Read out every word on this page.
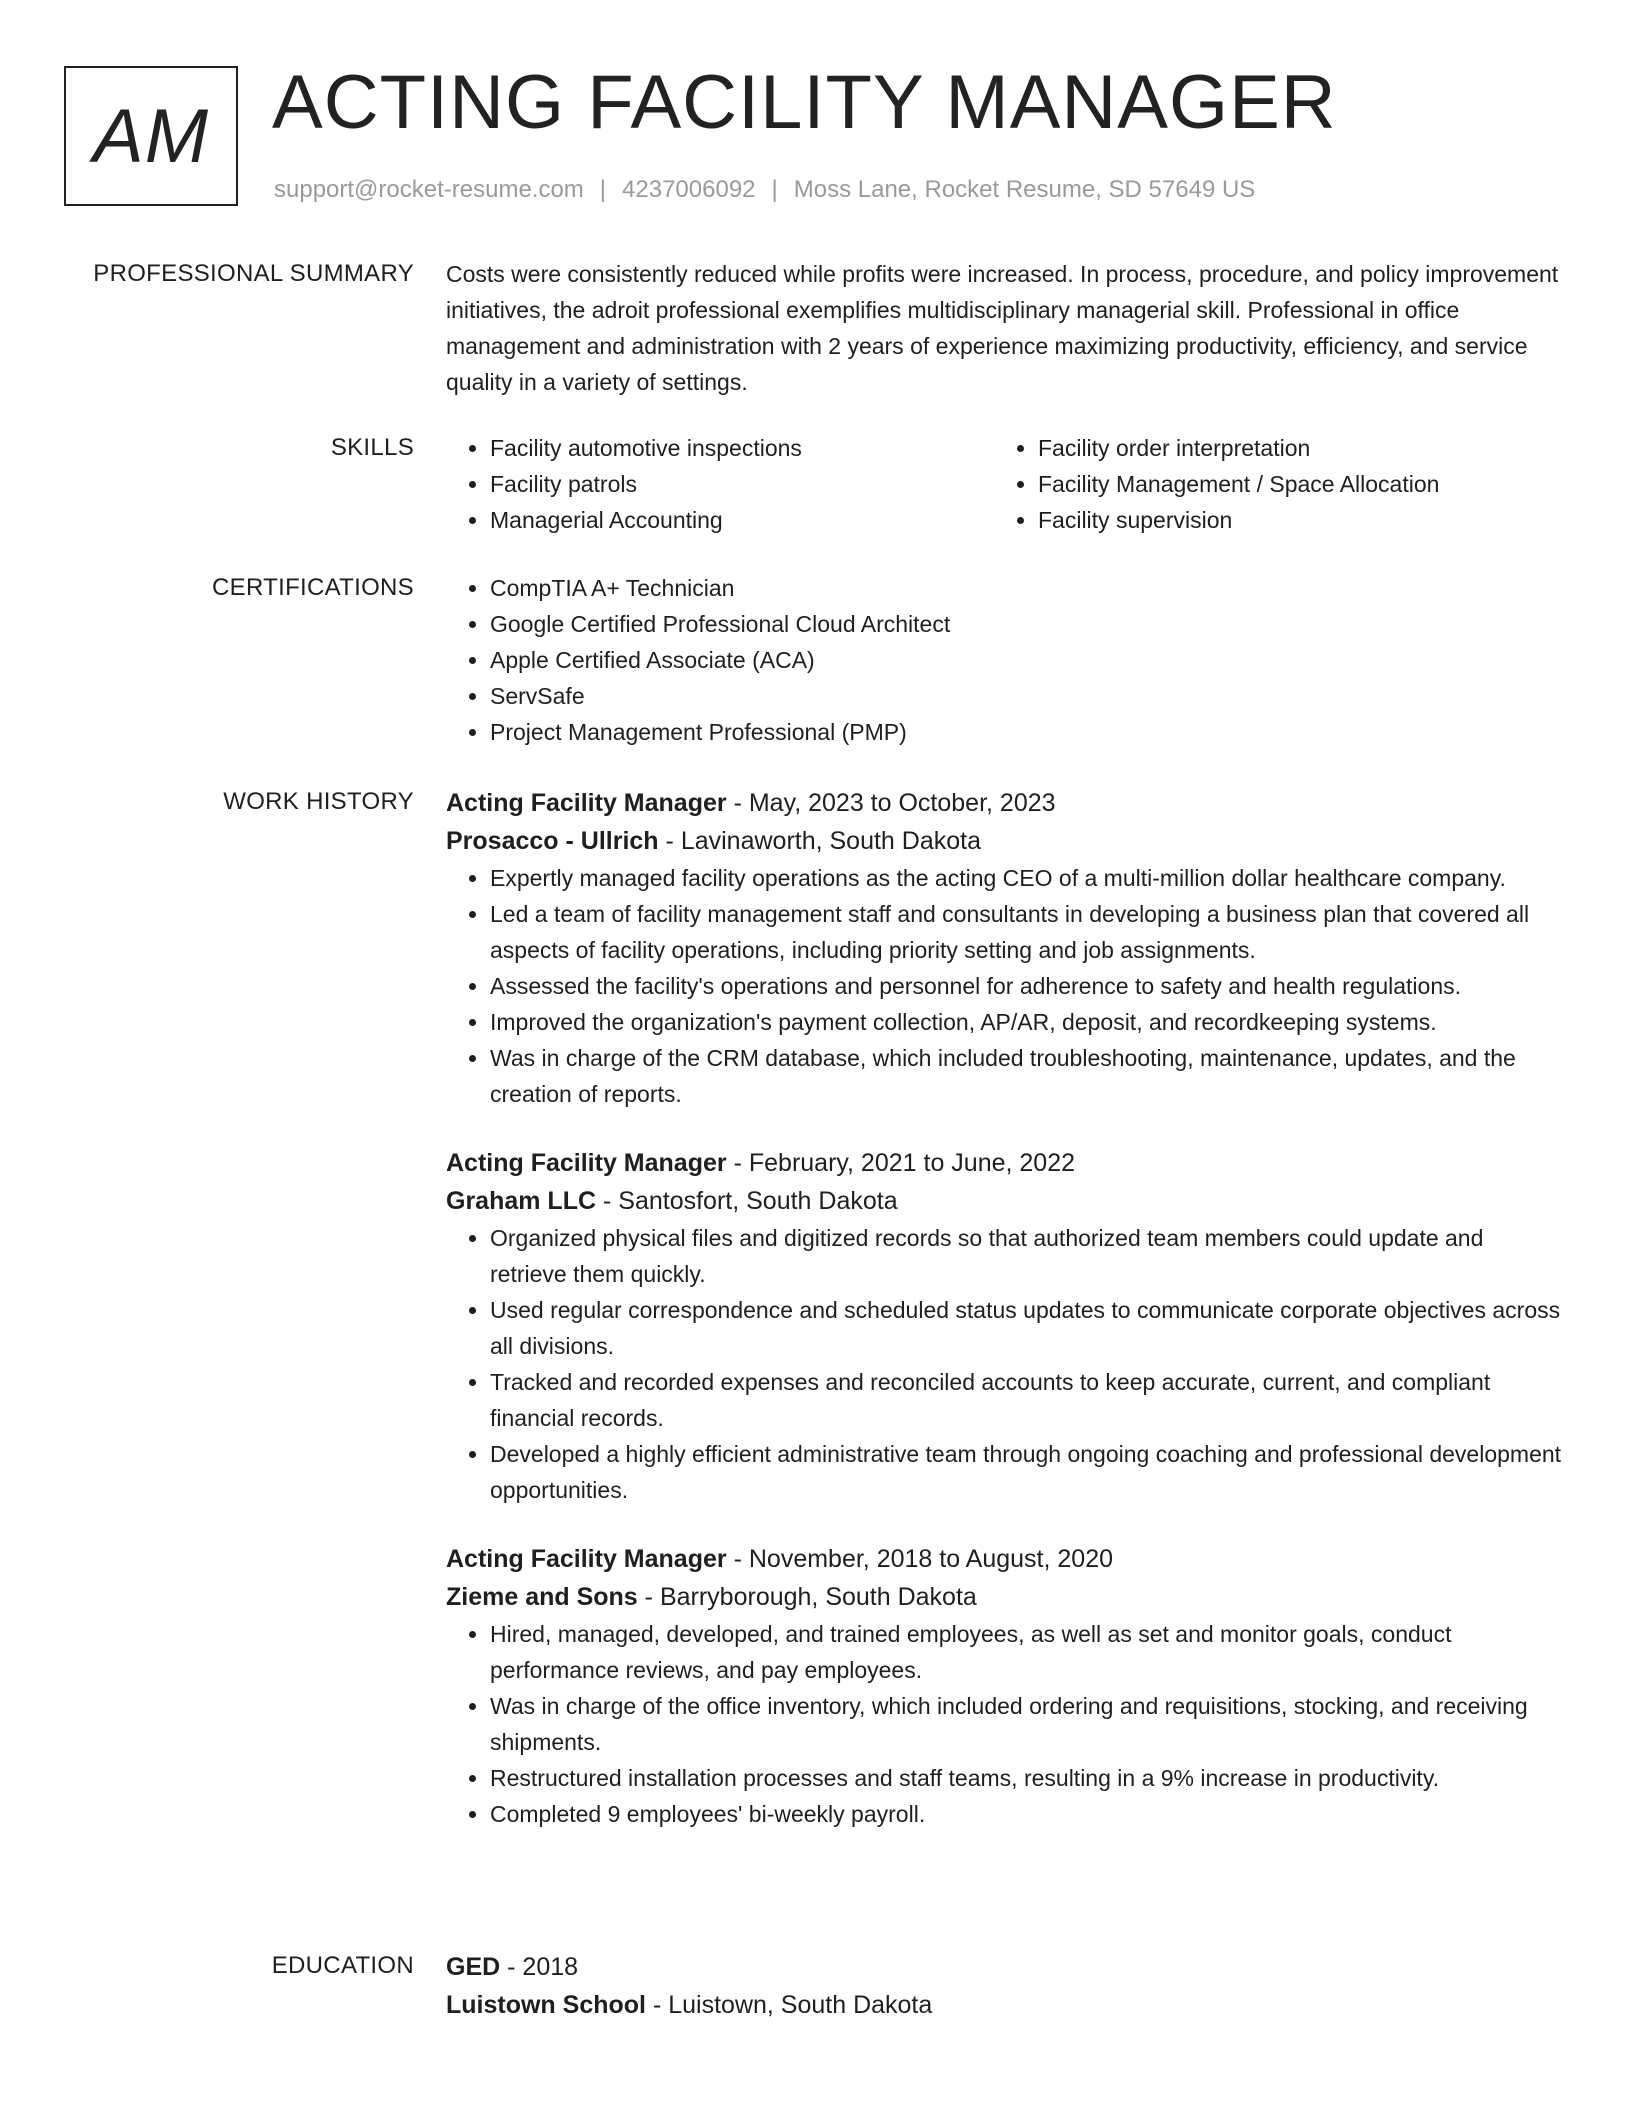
AM ACTING FACILITY MANAGER
support@rocket-resume.com | 4237006092 | Moss Lane, Rocket Resume, SD 57649 US
PROFESSIONAL SUMMARY Costs were consistently reduced while profits were increased. In process, procedure, and policy improvement initiatives, the adroit professional exemplifies multidisciplinary managerial skill. Professional in office management and administration with 2 years of experience maximizing productivity, efficiency, and service quality in a variety of settings.

SKILLS	• Facility automotive inspections
• Facility patrols
• Managerial Accounting
• Facility order interpretation
• Facility Management / Space Allocation
• Facility supervision
CERTIFICATIONS	• CompTIA A+ Technician
• Google Certified Professional Cloud Architect
• Apple Certified Associate (ACA)
• ServSafe
• Project Management Professional (PMP)
WORK HISTORY Acting Facility Manager - May, 2023 to October, 2023
Prosacco - Ullrich - Lavinaworth, South Dakota
• Expertly managed facility operations as the acting CEO of a multi-million dollar healthcare company.
• Led a team of facility management staff and consultants in developing a business plan that covered all aspects of facility operations, including priority setting and job assignments.
• Assessed the facility's operations and personnel for adherence to safety and health regulations.
• Improved the organization's payment collection, AP/AR, deposit, and recordkeeping systems.
• Was in charge of the CRM database, which included troubleshooting, maintenance, updates, and the creation of reports.
Acting Facility Manager - February, 2021 to June, 2022
Graham LLC - Santosfort, South Dakota
• Organized physical files and digitized records so that authorized team members could update and retrieve them quickly.
• Used regular correspondence and scheduled status updates to communicate corporate objectives across all divisions.
• Tracked and recorded expenses and reconciled accounts to keep accurate, current, and compliant financial records.
• Developed a highly efficient administrative team through ongoing coaching and professional development opportunities.
Acting Facility Manager - November, 2018 to August, 2020
Zieme and Sons - Barryborough, South Dakota
• Hired, managed, developed, and trained employees, as well as set and monitor goals, conduct performance reviews, and pay employees.
• Was in charge of the office inventory, which included ordering and requisitions, stocking, and receiving shipments.
• Restructured installation processes and staff teams, resulting in a 9% increase in productivity.
• Completed 9 employees' bi-weekly payroll.
EDUCATION GED - 2018
Luistown School - Luistown, South Dakota
